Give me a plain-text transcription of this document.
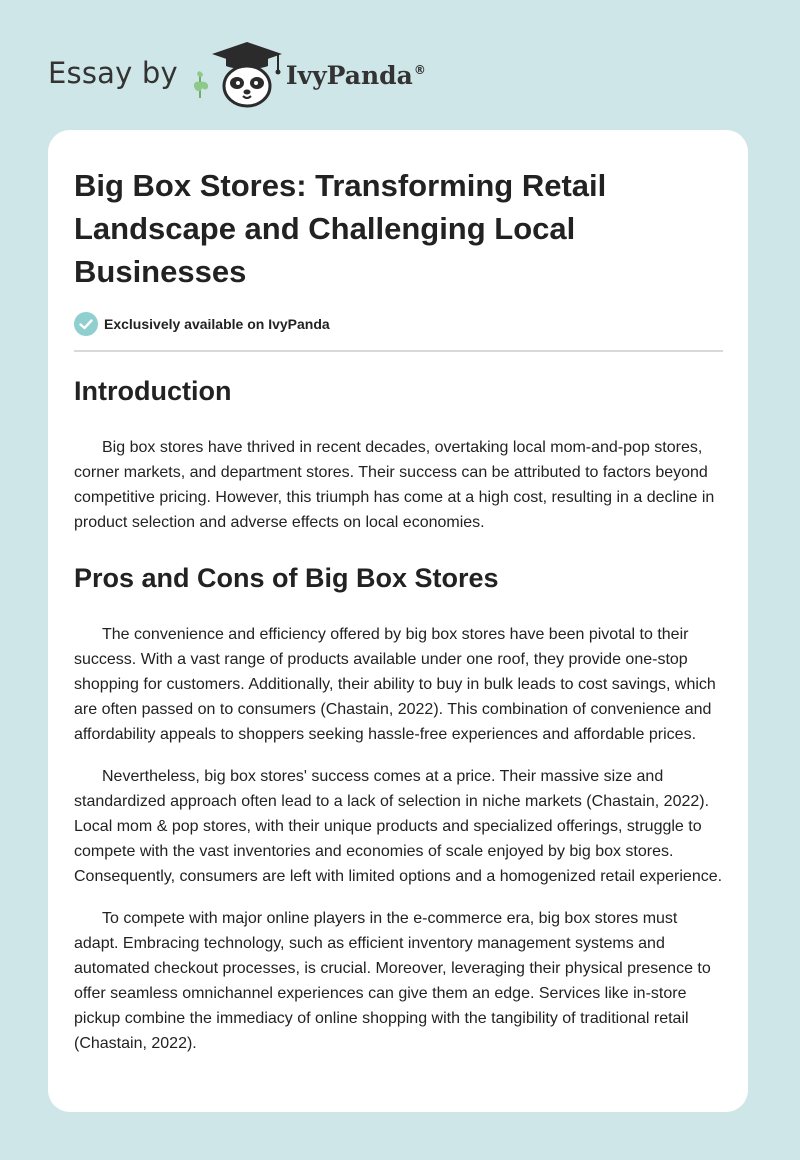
Essay by	IvyPanda®
Big Box Stores: Transforming Retail Landscape and Challenging Local Businesses
Exclusively available on IvyPanda
Introduction

Big box stores have thrived in recent decades, overtaking local mom-and-pop stores, corner markets, and department stores. Their success can be attributed to factors beyond competitive pricing. However, this triumph has come at a high cost, resulting in a decline in product selection and adverse effects on local economies.

Pros and Cons of Big Box Stores

The convenience and efficiency offered by big box stores have been pivotal to their success. With a vast range of products available under one roof, they provide one-stop shopping for customers. Additionally, their ability to buy in bulk leads to cost savings, which are often passed on to consumers (Chastain, 2022). This combination of convenience and affordability appeals to shoppers seeking hassle-free experiences and affordable prices.

Nevertheless, big box stores' success comes at a price. Their massive size and standardized approach often lead to a lack of selection in niche markets (Chastain, 2022). Local mom & pop stores, with their unique products and specialized offerings, struggle to compete with the vast inventories and economies of scale enjoyed by big box stores. Consequently, consumers are left with limited options and a homogenized retail experience.

To compete with major online players in the e-commerce era, big box stores must adapt. Embracing technology, such as efficient inventory management systems and automated checkout processes, is crucial. Moreover, leveraging their physical presence to offer seamless omnichannel experiences can give them an edge. Services like in-store pickup combine the immediacy of online shopping with the tangibility of traditional retail (Chastain, 2022).
